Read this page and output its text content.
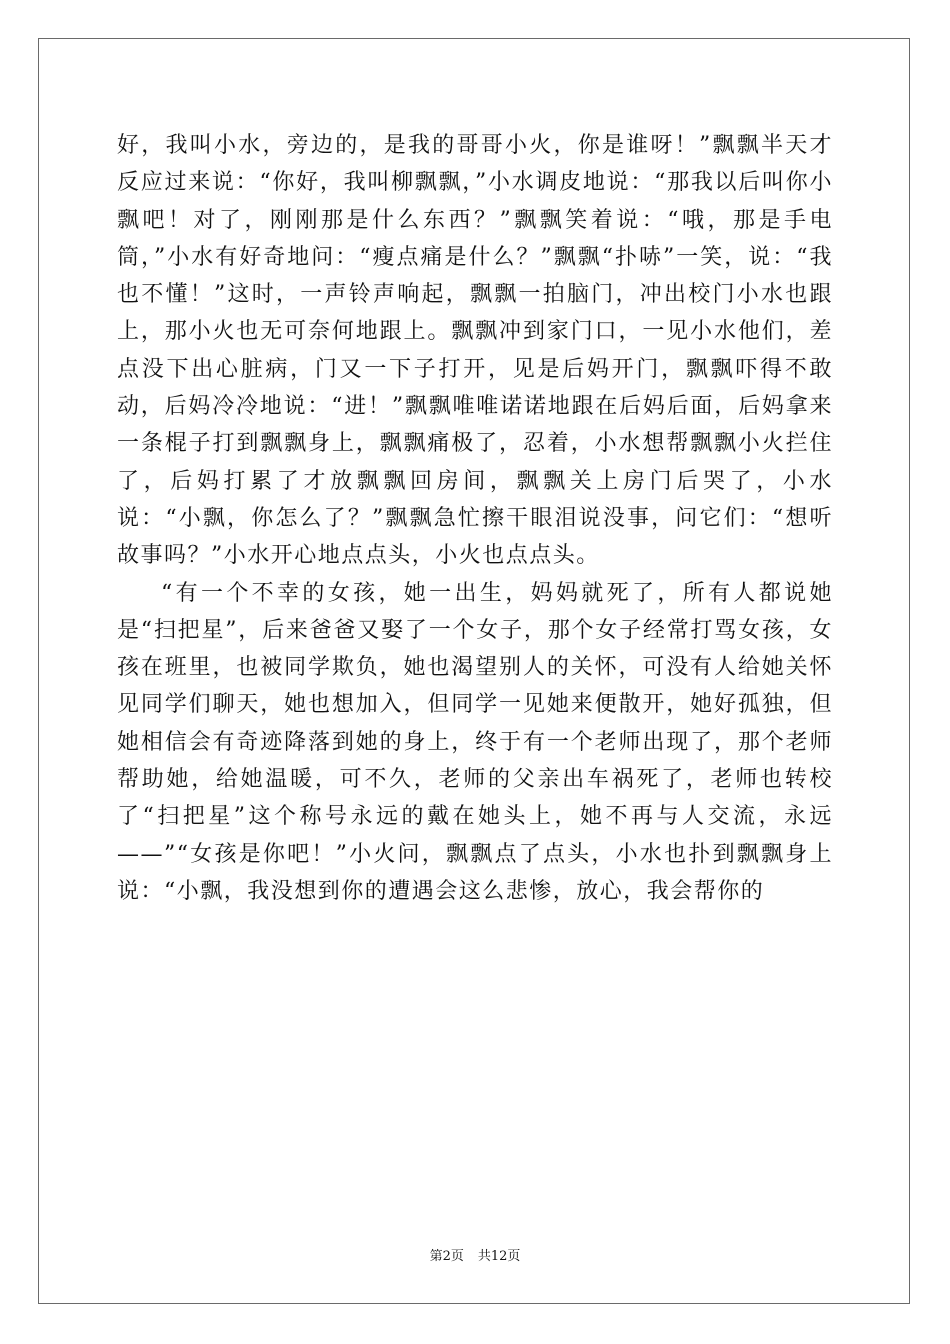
好，我叫小水，旁边的，是我的哥哥小火，你是谁呀！”飘飘半天才反应过来说：“你好，我叫柳飘飘，”小水调皮地说：“那我以后叫你小飘吧！对了，刚刚那是什么东西？”飘飘笑着说：“哦，那是手电筒，”小水有好奇地问：“瘦点痛是什么？”飘飘“扑哧”一笑，说：“我也不懂！”这时，一声铃声响起，飘飘一拍脑门，冲出校门小水也跟上，那小火也无可奈何地跟上。飘飘冲到家门口，一见小水他们，差点没下出心脏病，门又一下子打开，见是后妈开门，飘飘吓得不敢动，后妈冷冷地说：“进！”飘飘唯唯诺诺地跟在后妈后面，后妈拿来一条棍子打到飘飘身上，飘飘痛极了，忍着，小水想帮飘飘小火拦住了，后妈打累了才放飘飘回房间，飘飘关上房门后哭了，小水说：“小飘，你怎么了？”飘飘急忙擦干眼泪说没事，问它们：“想听故事吗？”小水开心地点点头，小火也点点头。

“有一个不幸的女孩，她一出生，妈妈就死了，所有人都说她是“扫把星”，后来爸爸又娶了一个女子，那个女子经常打骂女孩，女孩在班里，也被同学欺负，她也渴望别人的关怀，可没有人给她关怀见同学们聊天，她也想加入，但同学一见她来便散开，她好孤独，但她相信会有奇迹降落到她的身上，终于有一个老师出现了，那个老师帮助她，给她温暖，可不久，老师的父亲出车祸死了，老师也转校了“扫把星”这个称号永远的戴在她头上，她不再与人交流，永远——”“女孩是你吧！”小火问，飘飘点了点头，小水也扑到飘飘身上说：“小飘，我没想到你的遭遇会这么悲惨，放心，我会帮你的

第2页 共12页
